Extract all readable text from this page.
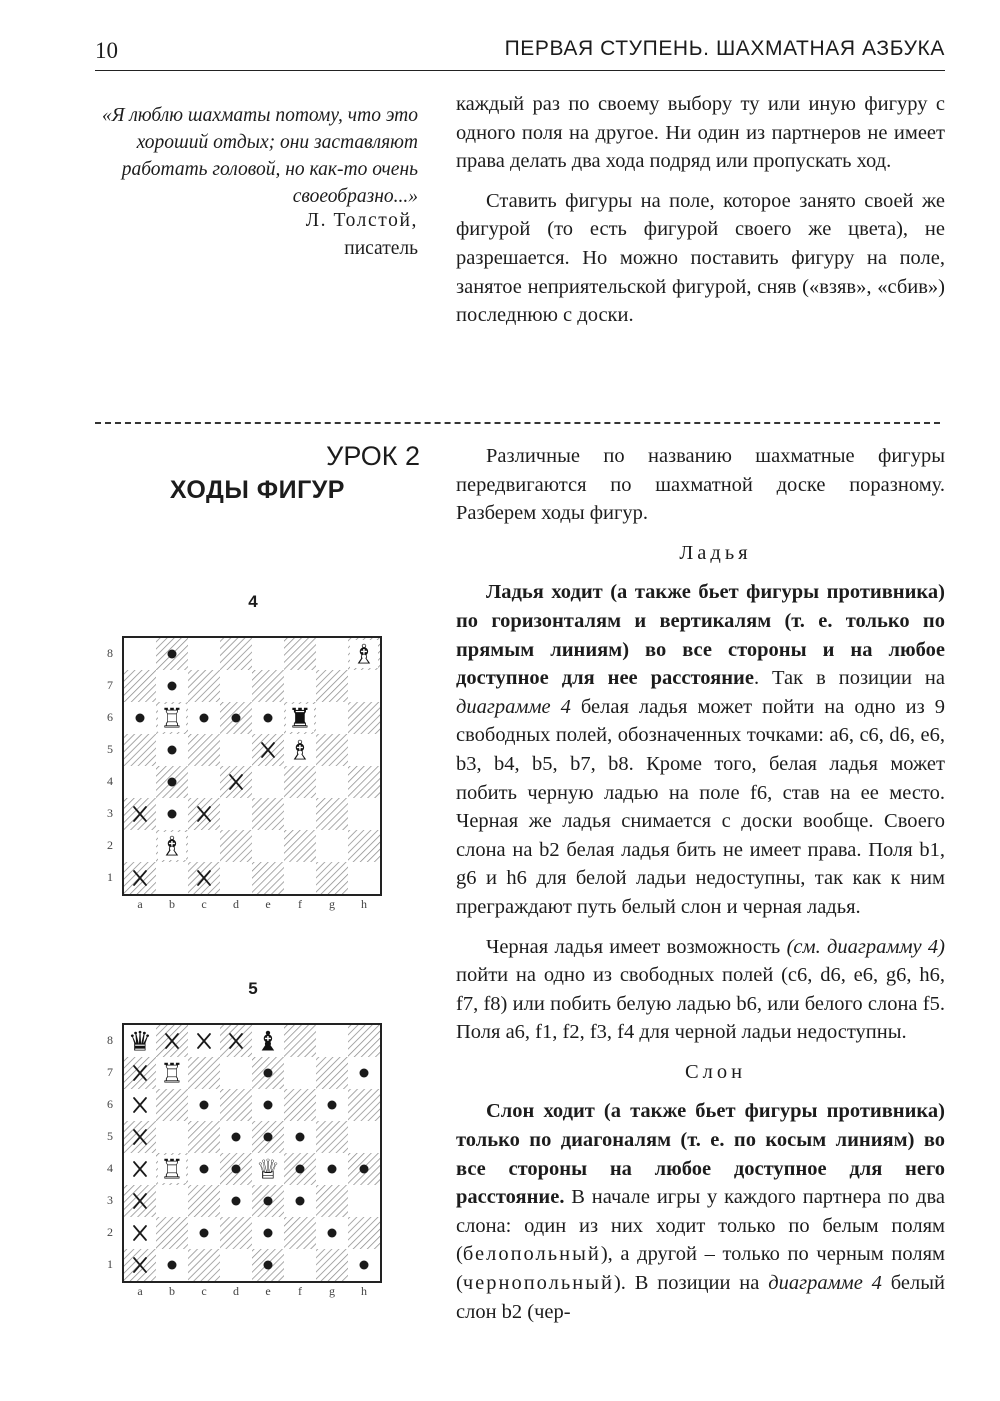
10	ПЕРВАЯ СТУПЕНЬ. ШАХМАТНАЯ АЗБУКА
«Я люблю шахматы потому, что это хороший отдых; они заставляют работать головой, но как-то очень своеобразно...»
Л. Толстой,
писатель

каждый раз по своему выбору ту или иную фигуру с одного поля на другое. Ни один из партнеров не имеет права делать два хода подряд или пропускать ход.

Ставить фигуры на поле, которое занято своей же фигурой (то есть фигурой своего же цвета), не разрешается. Но можно поставить фигуру на поле, занятое неприятельской фигурой, сняв («взяв», «сбив») последнюю с доски.

УРОК 2
ХОДЫ ФИГУР

Различные по названию шахматные фигуры передвигаются по шахматной доске поразному. Разберем ходы фигур.

Ладья

Ладья ходит (а также бьет фигуры противника) по горизонталям и вертикалям (т. е. только по прямым линиям) во все стороны и на любое доступное для нее расстояние. Так в позиции на диаграмме 4 белая ладья может пойти на одно из 9 свободных полей, обозначенных точками: a6, c6, d6, e6, b3, b4, b5, b7, b8. Кроме того, белая ладья может побить черную ладью на поле f6, став на ее место. Черная же ладья снимается с доски вообще. Своего слона на b2 белая ладья бить не имеет права. Поля b1, g6 и h6 для белой ладьи недоступны, так как к ним преграждают путь белый слон и черная ладья.

Черная ладья имеет возможность (см. диаграмму 4) пойти на одно из свободных полей (c6, d6, e6, g6, h6, f7, f8) или побить белую ладью b6, или белого слона f5. Поля a6, f1, f2, f3, f4 для черной ладьи недоступны.

Слон

Слон ходит (а также бьет фигуры противника) только по диагоналям (т. е. по косым линиям) во все стороны на любое доступное для него расстояние. В начале игры у каждого партнера по два слона: один из них ходит только по белым полям (белопольный), а другой – только по черным полям (чернопольный). В позиции на диаграмме 4 белый слон b2 (чер-

4
♖	♜
♗
♗
♗
8
7
6
5
4
3
2
1
a	b	c	d	e	f	g	h
5
♛	♝
♖
♖	♕
8
7
6
5
4
3
2
1
a	b	c	d	e	f	g	h
